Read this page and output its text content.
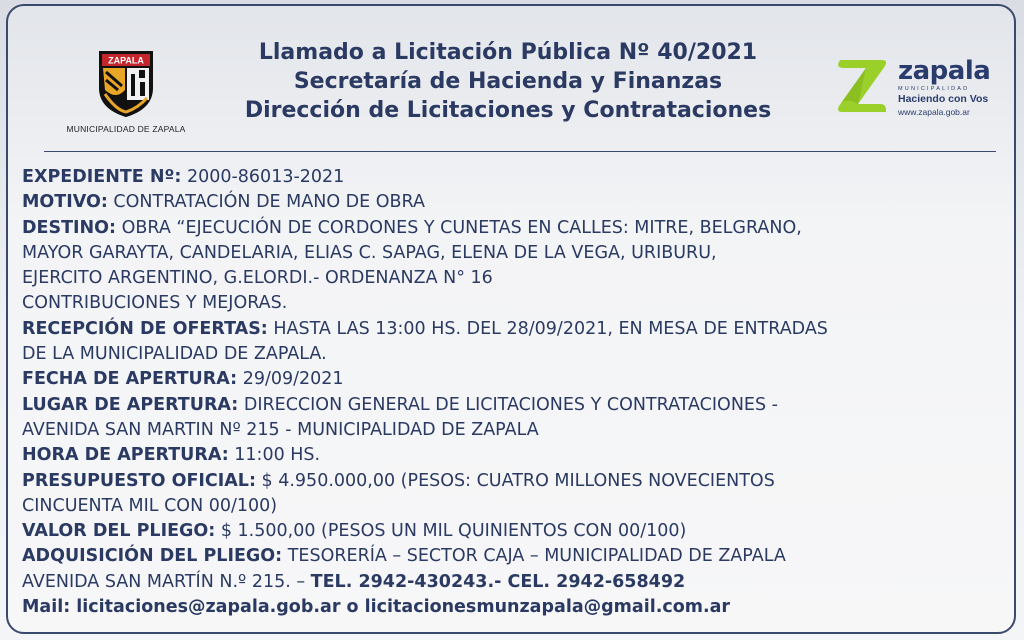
ZAPALA
MUNICIPALIDAD DE ZAPALA
Llamado a Licitación Pública Nº 40/2021
Secretaría de Hacienda y Finanzas
Dirección de Licitaciones y Contrataciones
zapala
MUNICIPALIDAD
Haciendo con Vos
www.zapala.gob.ar
EXPEDIENTE Nº: 2000-86013-2021
MOTIVO: CONTRATACIÓN DE MANO DE OBRA
DESTINO: OBRA “EJECUCIÓN DE CORDONES Y CUNETAS EN CALLES: MITRE, BELGRANO,
MAYOR GARAYTA, CANDELARIA, ELIAS C. SAPAG, ELENA DE LA VEGA, URIBURU,
EJERCITO ARGENTINO, G.ELORDI.- ORDENANZA N° 16
CONTRIBUCIONES Y MEJORAS.
RECEPCIÓN DE OFERTAS: HASTA LAS 13:00 HS. DEL 28/09/2021, EN MESA DE ENTRADAS
DE LA MUNICIPALIDAD DE ZAPALA.
FECHA DE APERTURA: 29/09/2021
LUGAR DE APERTURA: DIRECCION GENERAL DE LICITACIONES Y CONTRATACIONES -
AVENIDA SAN MARTIN Nº 215 - MUNICIPALIDAD DE ZAPALA
HORA DE APERTURA: 11:00 HS.
PRESUPUESTO OFICIAL: $ 4.950.000,00 (PESOS: CUATRO MILLONES NOVECIENTOS
CINCUENTA MIL CON 00/100)
VALOR DEL PLIEGO: $ 1.500,00 (PESOS UN MIL QUINIENTOS CON 00/100)
ADQUISICIÓN DEL PLIEGO: TESORERÍA – SECTOR CAJA – MUNICIPALIDAD DE ZAPALA
AVENIDA SAN MARTÍN N.º 215. – TEL. 2942-430243.- CEL. 2942-658492
Mail: licitaciones@zapala.gob.ar o licitacionesmunzapala@gmail.com.ar
